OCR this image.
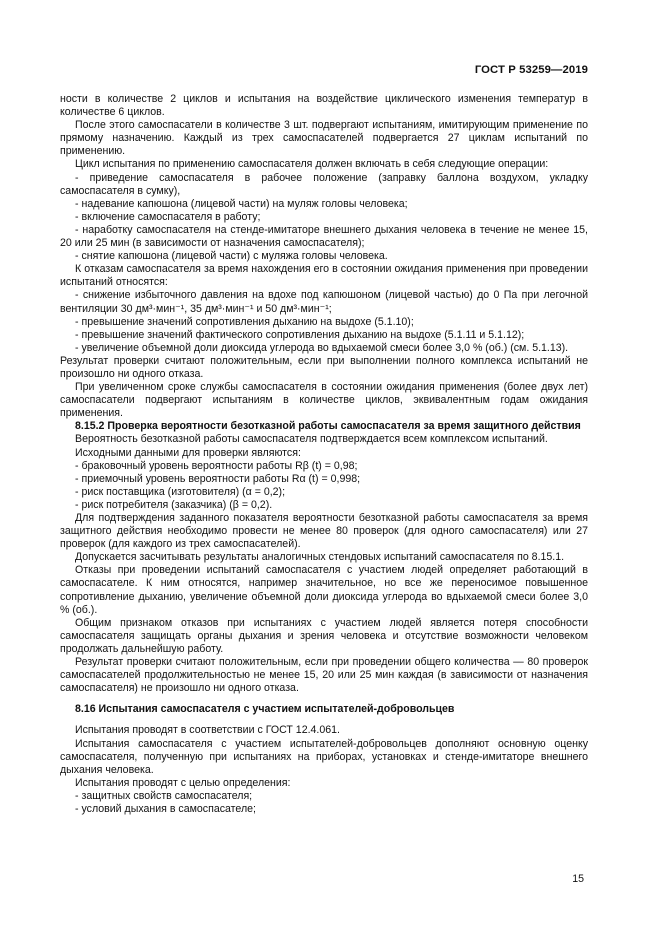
ГОСТ Р 53259—2019

ности в количестве 2 циклов и испытания на воздействие циклического изменения температур в количестве 6 циклов.

После этого самоспасатели в количестве 3 шт. подвергают испытаниям, имитирующим применение по прямому назначению. Каждый из трех самоспасателей подвергается 27 циклам испытаний по применению.

Цикл испытания по применению самоспасателя должен включать в себя следующие операции:

- приведение самоспасателя в рабочее положение (заправку баллона воздухом, укладку самоспасателя в сумку),

- надевание капюшона (лицевой части) на муляж головы человека;

- включение самоспасателя в работу;

- наработку самоспасателя на стенде-имитаторе внешнего дыхания человека в течение не менее 15, 20 или 25 мин (в зависимости от назначения самоспасателя);

- снятие капюшона (лицевой части) с муляжа головы человека.

К отказам самоспасателя за время нахождения его в состоянии ожидания применения при проведении испытаний относятся:

- снижение избыточного давления на вдохе под капюшоном (лицевой частью) до 0 Па при легочной вентиляции 30 дм³·мин⁻¹, 35 дм³·мин⁻¹ и 50 дм³·мин⁻¹;

- превышение значений сопротивления дыханию на выдохе (5.1.10);

- превышение значений фактического сопротивления дыханию на выдохе (5.1.11 и 5.1.12);

- увеличение объемной доли диоксида углерода во вдыхаемой смеси более 3,0 % (об.) (см. 5.1.13).

Результат проверки считают положительным, если при выполнении полного комплекса испытаний не произошло ни одного отказа.

При увеличенном сроке службы самоспасателя в состоянии ожидания применения (более двух лет) самоспасатели подвергают испытаниям в количестве циклов, эквивалентным годам ожидания применения.

8.15.2 Проверка вероятности безотказной работы самоспасателя за время защитного действия

Вероятность безотказной работы самоспасателя подтверждается всем комплексом испытаний.

Исходными данными для проверки являются:

- браковочный уровень вероятности работы Rβ (t) = 0,98;

- приемочный уровень вероятности работы Rα (t) = 0,998;

- риск поставщика (изготовителя) (α = 0,2);

- риск потребителя (заказчика) (β = 0,2).

Для подтверждения заданного показателя вероятности безотказной работы самоспасателя за время защитного действия необходимо провести не менее 80 проверок (для одного самоспасателя) или 27 проверок (для каждого из трех самоспасателей).

Допускается засчитывать результаты аналогичных стендовых испытаний самоспасателя по 8.15.1.

Отказы при проведении испытаний самоспасателя с участием людей определяет работающий в самоспасателе. К ним относятся, например значительное, но все же переносимое повышенное сопротивление дыханию, увеличение объемной доли диоксида углерода во вдыхаемой смеси более 3,0 % (об.).

Общим признаком отказов при испытаниях с участием людей является потеря способности самоспасателя защищать органы дыхания и зрения человека и отсутствие возможности человеком продолжать дальнейшую работу.

Результат проверки считают положительным, если при проведении общего количества — 80 проверок самоспасателей продолжительностью не менее 15, 20 или 25 мин каждая (в зависимости от назначения самоспасателя) не произошло ни одного отказа.

8.16 Испытания самоспасателя с участием испытателей-добровольцев

Испытания проводят в соответствии с ГОСТ 12.4.061.

Испытания самоспасателя с участием испытателей-добровольцев дополняют основную оценку самоспасателя, полученную при испытаниях на приборах, установках и стенде-имитаторе внешнего дыхания человека.

Испытания проводят с целью определения:

- защитных свойств самоспасателя;

- условий дыхания в самоспасателе;

15
